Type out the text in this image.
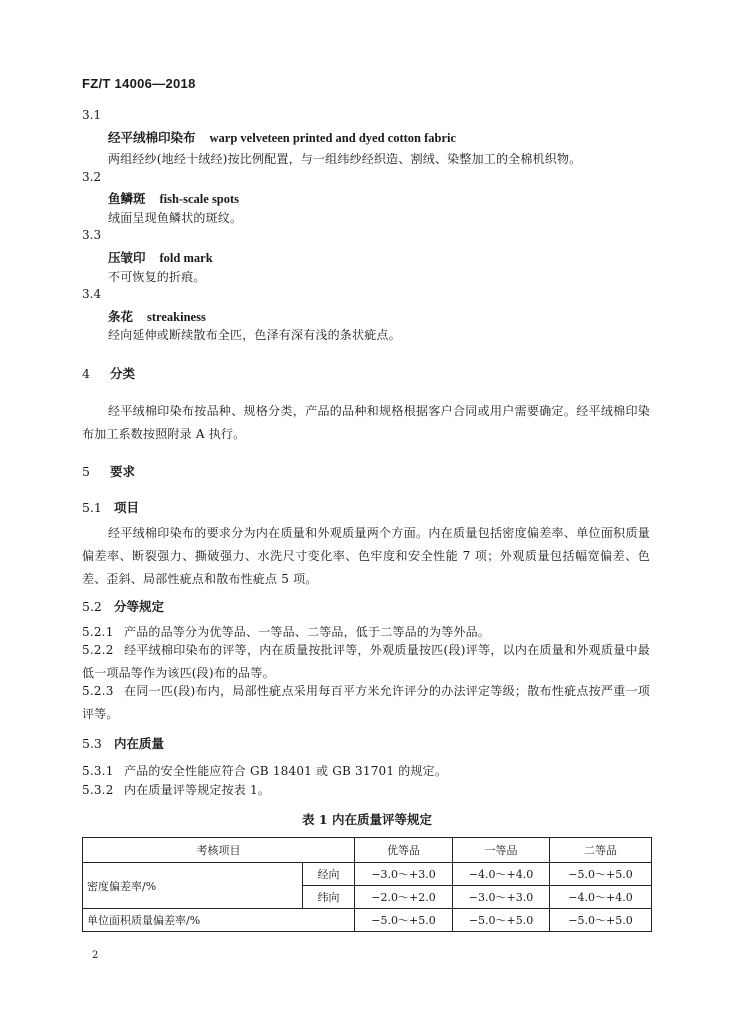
FZ/T 14006—2018
3.1
经平绒棉印染布 warp velveteen printed and dyed cotton fabric
两组经纱(地经十绒经)按比例配置，与一组纬纱经织造、割绒、染整加工的全棉机织物。
3.2
鱼鳞斑 fish-scale spots
绒面呈现鱼鳞状的斑纹。
3.3
压皱印 fold mark
不可恢复的折痕。
3.4
条花 streakiness
经向延伸或断续散布全匹，色泽有深有浅的条状疵点。
4 分类
经平绒棉印染布按品种、规格分类，产品的品种和规格根据客户合同或用户需要确定。经平绒棉印染布加工系数按照附录 A 执行。
5 要求
5.1 项目
经平绒棉印染布的要求分为内在质量和外观质量两个方面。内在质量包括密度偏差率、单位面积质量偏差率、断裂强力、撕破强力、水洗尺寸变化率、色牢度和安全性能 7 项；外观质量包括幅宽偏差、色差、歪斜、局部性疵点和散布性疵点 5 项。
5.2 分等规定
5.2.1 产品的品等分为优等品、一等品、二等品，低于二等品的为等外品。
5.2.2 经平绒棉印染布的评等，内在质量按批评等，外观质量按匹(段)评等，以内在质量和外观质量中最低一项品等作为该匹(段)布的品等。
5.2.3 在同一匹(段)布内，局部性疵点采用每百平方米允许评分的办法评定等级；散布性疵点按严重一项评等。
5.3 内在质量
5.3.1 产品的安全性能应符合 GB 18401 或 GB 31701 的规定。
5.3.2 内在质量评等规定按表 1。
表 1 内在质量评等规定
考核项目		优等品	一等品	二等品
密度偏差率/%	经向	−3.0～+3.0	−4.0～+4.0	−5.0～+5.0
	纬向	−2.0～+2.0	−3.0～+3.0	−4.0～+4.0
单位面积质量偏差率/%		−5.0～+5.0	−5.0～+5.0	−5.0～+5.0
2
